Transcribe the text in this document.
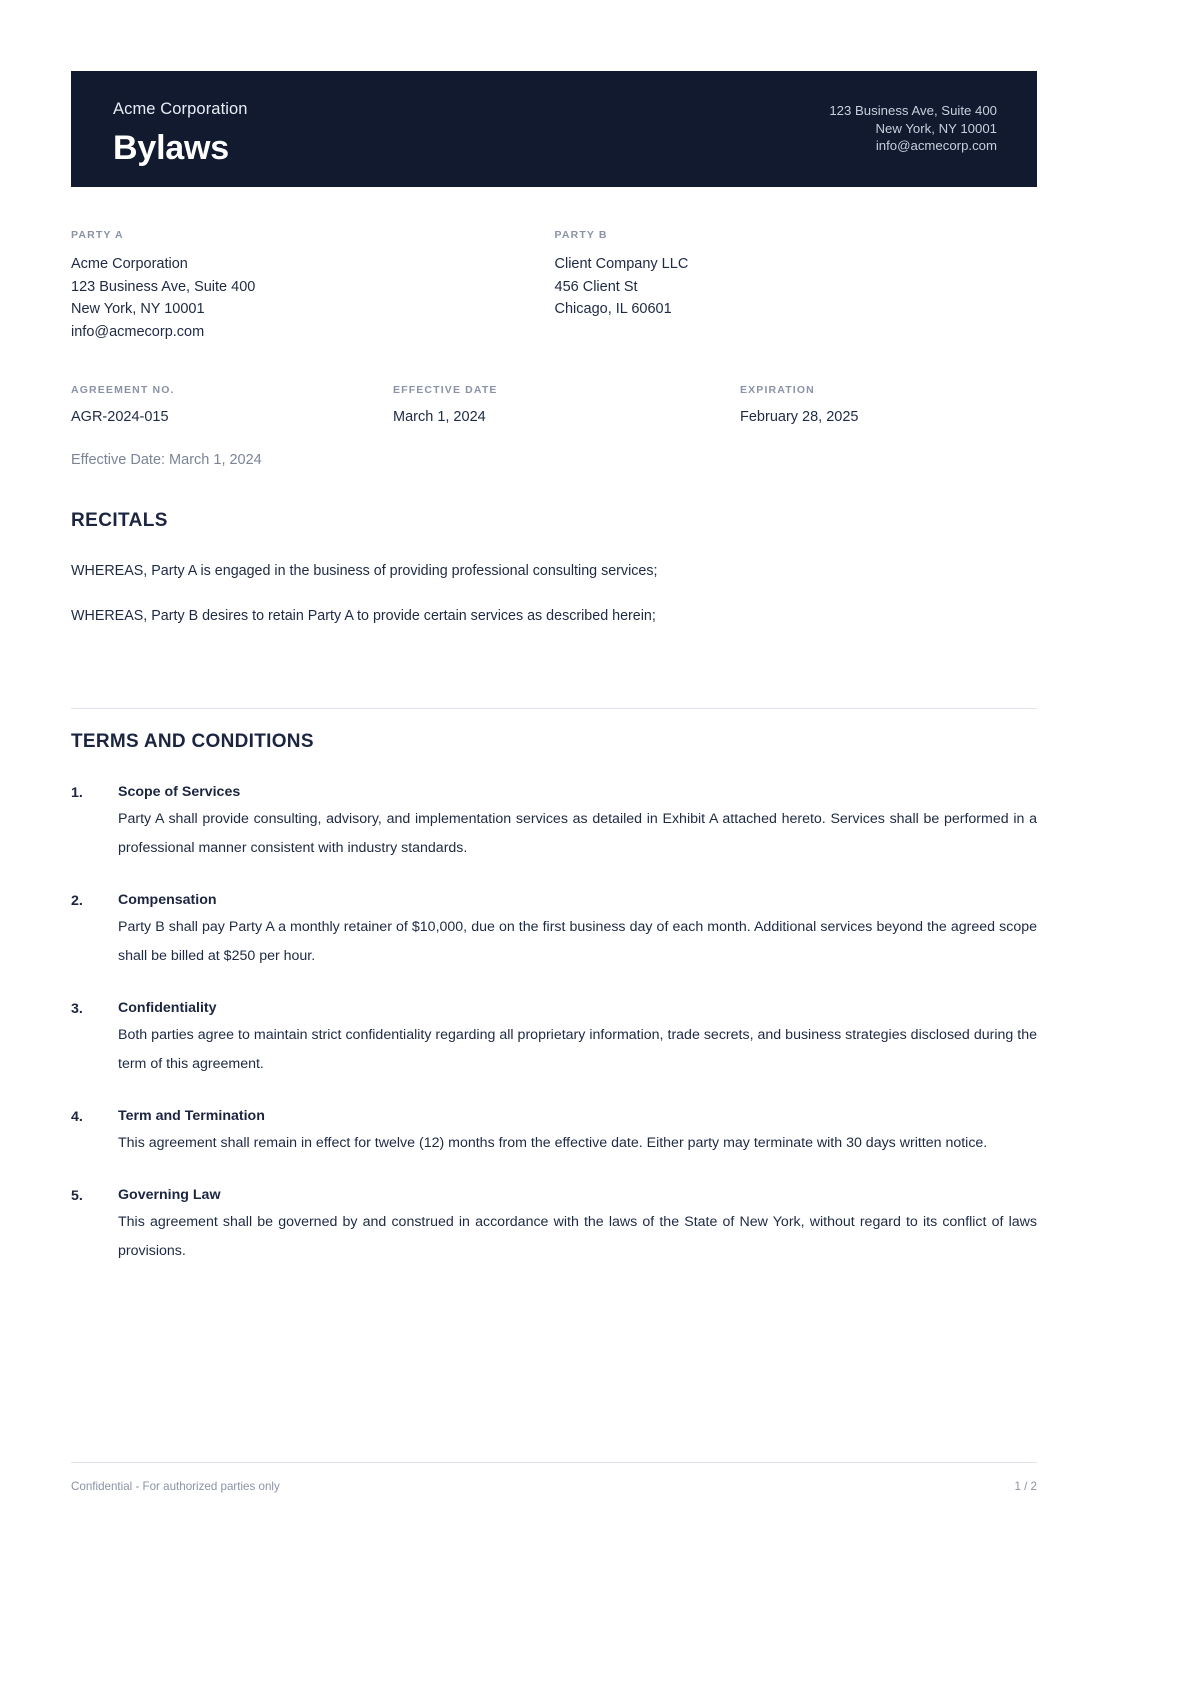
Acme Corporation
Bylaws
123 Business Ave, Suite 400
New York, NY 10001
info@acmecorp.com
PARTY A
Acme Corporation
123 Business Ave, Suite 400
New York, NY 10001
info@acmecorp.com
PARTY B
Client Company LLC
456 Client St
Chicago, IL 60601
AGREEMENT NO.
AGR-2024-015
EFFECTIVE DATE
March 1, 2024
EXPIRATION
February 28, 2025
Effective Date: March 1, 2024
RECITALS
WHEREAS, Party A is engaged in the business of providing professional consulting services;
WHEREAS, Party B desires to retain Party A to provide certain services as described herein;
TERMS AND CONDITIONS
1.	Scope of Services
Party A shall provide consulting, advisory, and implementation services as detailed in Exhibit A attached hereto. Services shall be performed in a professional manner consistent with industry standards.
2.	Compensation
Party B shall pay Party A a monthly retainer of $10,000, due on the first business day of each month. Additional services beyond the agreed scope shall be billed at $250 per hour.
3.	Confidentiality
Both parties agree to maintain strict confidentiality regarding all proprietary information, trade secrets, and business strategies disclosed during the term of this agreement.
4.	Term and Termination
This agreement shall remain in effect for twelve (12) months from the effective date. Either party may terminate with 30 days written notice.
5.	Governing Law
This agreement shall be governed by and construed in accordance with the laws of the State of New York, without regard to its conflict of laws provisions.
Confidential - For authorized parties only	1 / 2
